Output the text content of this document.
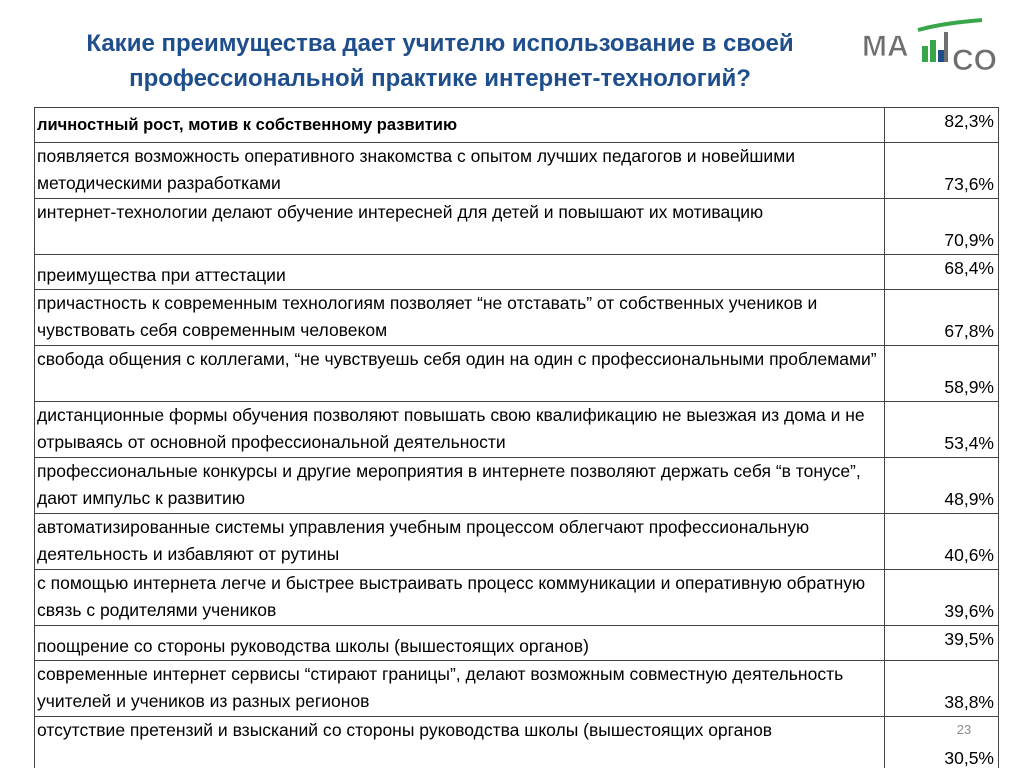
Какие преимущества дает учителю использование в своей
профессиональной практике интернет-технологий?
MA CO
личностный рост, мотив к собственному развитию	82,3%
появляется возможность оперативного знакомства с опытом лучших педагогов и новейшими методическими разработками	73,6%
интернет-технологии делают обучение интересней для детей и повышают их мотивацию	70,9%
преимущества при аттестации	68,4%
причастность к современным технологиям позволяет “не отставать” от собственных учеников и чувствовать себя современным человеком	67,8%
свобода общения с коллегами, “не чувствуешь себя один на один с профессиональными проблемами”	58,9%
дистанционные формы обучения позволяют повышать свою квалификацию не выезжая из дома и не отрываясь от основной профессиональной деятельности	53,4%
профессиональные конкурсы и другие мероприятия в интернете позволяют держать себя “в тонусе”, дают импульс к развитию	48,9%
автоматизированные системы управления учебным процессом облегчают профессиональную деятельность и избавляют от рутины	40,6%
с помощью интернета легче и быстрее выстраивать процесс коммуникации и оперативную обратную связь с родителями учеников	39,6%
поощрение со стороны руководства школы (вышестоящих органов)	39,5%
современные интернет сервисы “стирают границы”, делают возможным совместную деятельность учителей и учеников из разных регионов	38,8%
отсутствие претензий и взысканий со стороны руководства школы (вышестоящих органов	30,5%
23
